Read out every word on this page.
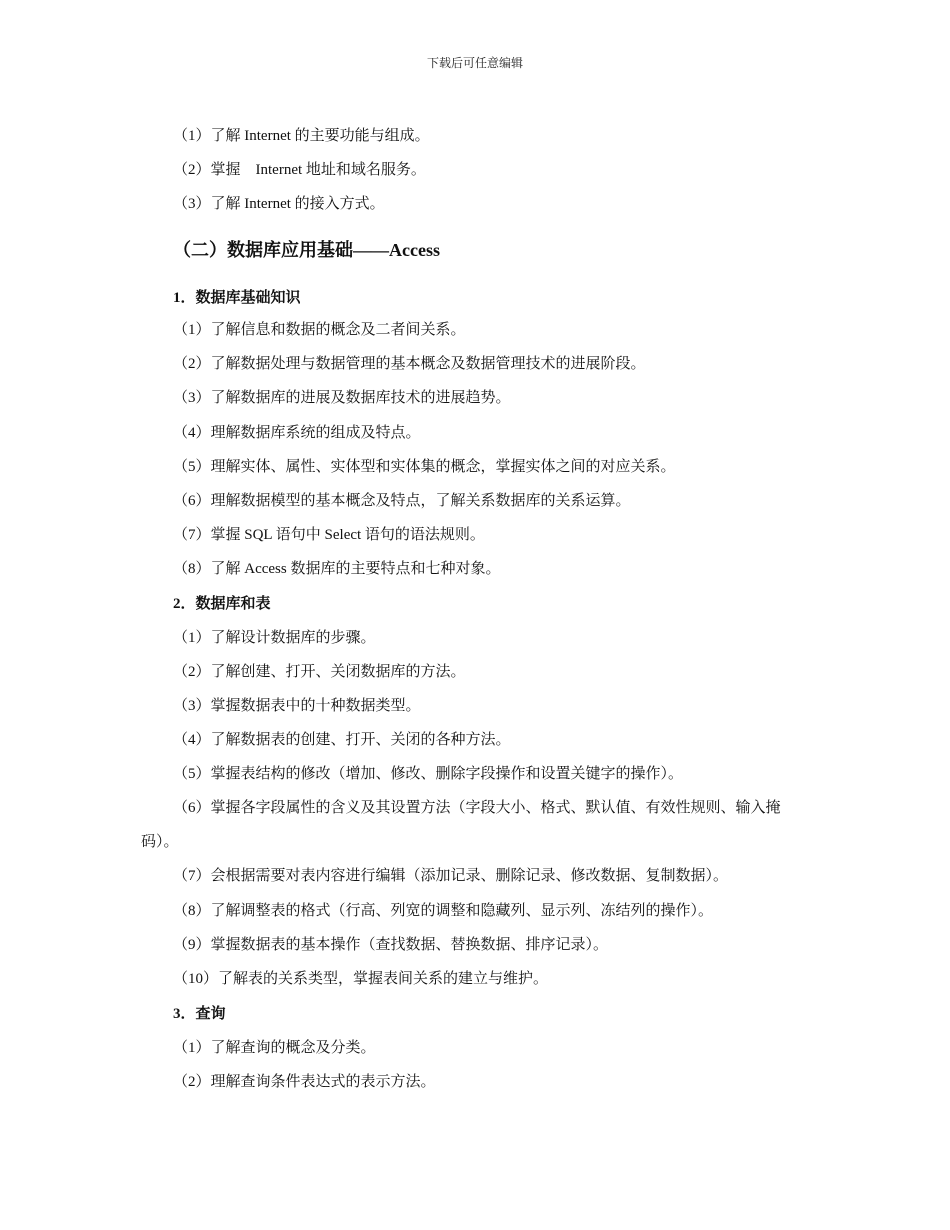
下载后可任意编辑
（1）了解 Internet 的主要功能与组成。
（2）掌握　Internet 地址和域名服务。
（3）了解 Internet 的接入方式。
（二）数据库应用基础——Access
1．数据库基础知识
（1）了解信息和数据的概念及二者间关系。
（2）了解数据处理与数据管理的基本概念及数据管理技术的进展阶段。
（3）了解数据库的进展及数据库技术的进展趋势。
（4）理解数据库系统的组成及特点。
（5）理解实体、属性、实体型和实体集的概念，掌握实体之间的对应关系。
（6）理解数据模型的基本概念及特点，了解关系数据库的关系运算。
（7）掌握 SQL 语句中 Select 语句的语法规则。
（8）了解 Access 数据库的主要特点和七种对象。
2．数据库和表
（1）了解设计数据库的步骤。
（2）了解创建、打开、关闭数据库的方法。
（3）掌握数据表中的十种数据类型。
（4）了解数据表的创建、打开、关闭的各种方法。
（5）掌握表结构的修改（增加、修改、删除字段操作和设置关键字的操作）。
（6）掌握各字段属性的含义及其设置方法（字段大小、格式、默认值、有效性规则、输入掩
码）。
（7）会根据需要对表内容进行编辑（添加记录、删除记录、修改数据、复制数据）。
（8）了解调整表的格式（行高、列宽的调整和隐藏列、显示列、冻结列的操作）。
（9）掌握数据表的基本操作（查找数据、替换数据、排序记录）。
（10）了解表的关系类型，掌握表间关系的建立与维护。
3．查询
（1）了解查询的概念及分类。
（2）理解查询条件表达式的表示方法。
